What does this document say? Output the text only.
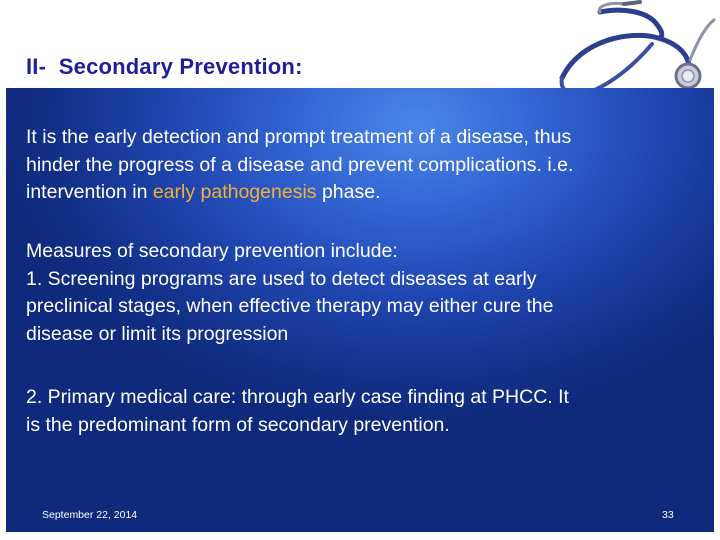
II-  Secondary Prevention:
It is the early detection and prompt treatment of a disease, thus
hinder the progress of a disease and prevent complications. i.e.
intervention in early pathogenesis phase.
Measures of secondary prevention include:
1. Screening programs are used to detect diseases at early
preclinical stages, when effective therapy may either cure the
disease or limit its progression
2. Primary medical care: through early case finding at PHCC. It
is the predominant form of secondary prevention.
September 22, 2014	33
